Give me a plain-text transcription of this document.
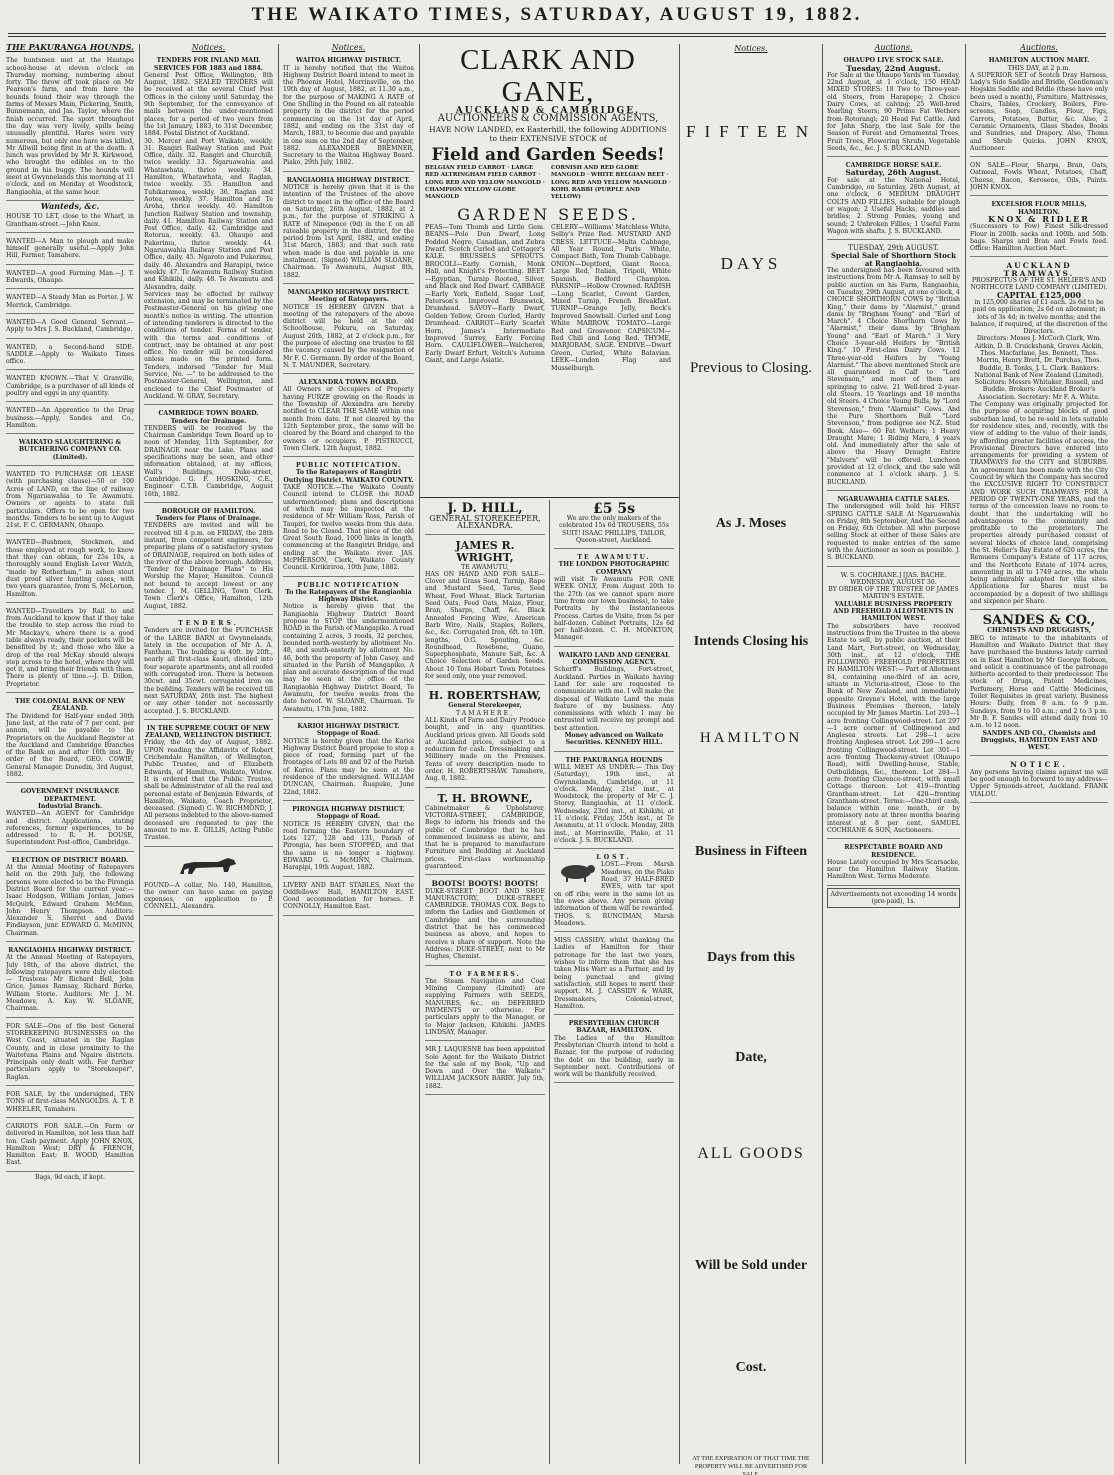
THE WAIKATO TIMES, SATURDAY, AUGUST 19, 1882.
THE PAKURANGA HOUNDS.

The huntsmen met at the Hautapu school-house at eleven o'clock on Thursday morning, numbering about forty. The throw off took place on Mr Pearson's farm, and from here the hounds found their way through the farms of Messrs Main, Pickering, Smith, Bunnemann, and Jas. Taylor, where the finish occurred. The sport throughout the day was very lively, spills being unusually plentiful. Hares were very numerous, but only one hare was killed, Mr Allwill being first in at the death. A lunch was provided by Mr R. Kirkwood, who brought the edibles on to the ground in his buggy. The hounds will meet at Gwynnelands this morning at 11 o'clock, and on Monday at Woodstock, Rangiaohia, at the same hour.

Wanteds, &c.

HOUSE TO LET, close to the Wharf, in Grantham-street.—John Knox.

WANTED—A Man to plough and make himself generally useful.—Apply John Hill, Farmer, Tamahere.

WANTED—A good Farming Man.—J. T. Edwards, Ohaupo.

WANTED—A Steady Man as Porter. J. W. Merrick, Cambridge.

WANTED—A Good General Servant.—Apply to Mrs J. S. Buckland, Cambridge.

WANTED, a Second-hand SIDE-SADDLE.—Apply to Waikato Times office.

WANTED KNOWN.—That V. Granville, Cambridge, is a purchaser of all kinds of poultry and eggs in any quantity.

WANTED—An Apprentice to the Drug business.—Apply, Sandes and Co., Hamilton.

WAIKATO SLAUGHTERING & BUTCHERING COMPANY CO. (Limited).

WANTED TO PURCHASE OR LEASE (with purchasing clause)—50 or 100 Acres of LAND, on the line of railway from Ngaruawahia to Te Awamutu. Owners or agents to state full particulars. Offers to be open for two months. Tenders to be sent up to August 21st. F. C. GERMANN, Ohaupo.

WANTED—Bushmen, Stockmen, and those employed at rough work, to know that they can obtain, for 25s 10s, a thoroughly sound English Lever Watch, "made by Rotherham," in ashen stout dust proof silver hunting cases, with two years guarantee, from S. McLernon, Hamilton.

WANTED—Travellers by Rail to and from Auckland to know that if they take the trouble to step across the road to Mr Mackay's, where there is a good table always ready, their pockets will be benefited by it; and those who like a drop of the real McKay should always step across to the hotel, where they will get it, and bring their friends with them. There is plenty of time.—J. D. Dillon, Proprietor.

THE COLONIAL BANK OF NEW ZEALAND.

The Dividend for Half-year ended 30th June last, at the rate of 7 per cent. per annum, will be payable to the Proprietors on the Auckland Register at the Auckland and Cambridge Branches of the Bank on and after 16th inst. By order of the Board, GEO. COWIE, General Manager. Dunedin, 3rd August, 1882.

GOVERNMENT INSURANCE DEPARTMENT.

Industrial Branch.

WANTED—An AGENT for Cambridge and district. Applications, stating references, former experiences, to be addressed to R. H. DOUSE, Superintendent Post-office, Cambridge.

ELECTION OF DISTRICT BOARD.

At the Annual Meeting of Ratepayers held on the 29th July, the following persons were elected to be the Pirongia District Board for the current year:— Isaac Hodgson, William Jordan, James McQuirk, Edward Graham McMinn, John Henry Thompson. Auditors: Alexander S. Sherret and David Findlayson, junr. EDWARD G. McMINN, Chairman.

RANGIAOHIA HIGHWAY DISTRICT.

At the Annual Meeting of Ratepayers, July 18th, of the above district, the following ratepayers were duly elected:— Trustees: Mr Richard Bell, John Grice, James Ramsay, Richard Burke, William Storie. Auditors: Mr J. M. Meadows, A. Kay. W. SLOANE, Chairman.

FOR SALE—One of the best General STOREKEEPING BUSINESSES on the West Coast, situated in the Raglan County, and in close proximity to the Waitetuna Plains and Ngaire districts. Principals only dealt with. For further particulars apply to "Storekeeper", Raglan.

FOR SALE, by the undersigned, TEN TONS of first-class MANGOLDS. A. T. P. WHEELER, Tamahere.

CARROTS FOR SALE.—On Farm or delivered in Hamilton, not less than half ton. Cash payment. Apply JOHN KNOX, Hamilton West; DRY & FRENCH, Hamilton East; B. WOOD, Hamilton East.

Bags, 9d each, if kept.
Notices.

TENDERS FOR INLAND MAIL SERVICES FOR 1883 and 1884.

General Post Office, Wellington, 8th August, 1882. SEALED TENDERS will be received at the several Chief Post Offices in the colony until Saturday, the 9th September, for the conveyance of mails between the under-mentioned places, for a period of two years from the 1st January, 1883, to 31st December, 1884. Postal District of Auckland.

30. Mercer and Port Waikato, weekly. 31. Rangiri Railway Station and Post Office, daily. 32. Rangiri and Churchill, twice weekly. 33. Ngaruawahia and Whatawhata, thrice weekly. 34. Hamilton, Whatawhata, and Raglan, twice weekly. 35. Hamilton and Tuhikaramea, weekly. 36. Raglan and Aotea, weekly. 37. Hamilton and Te Aroha, thrice weekly. 40. Hamilton Junction Railway Station and township, daily. 41. Hamilton Railway Station and Post Office, daily. 42. Cambridge and Rotorua, weekly. 43. Ohaupo and Pukerimu, thrice weekly. 44. Ngaruawahia Railway Station and Post Office, daily. 45. Ngaroto and Pukerimu, daily. 46. Alexandra and Harapipi, twice weekly. 47. Te Awamutu Railway Station and Kihikihi, daily. 48. Te Awamutu and Alexandra, daily.

Services may be effected by railway extension, and may be terminated by the Postmaster-General on his giving one month's notice in writing. The attention of intending tenderers is directed to the conditions of tender. Forms of tender, with the terms and conditions of contract, may be obtained at any post office. No tender will be considered unless made on the printed form. Tenders, indorsed "Tender for Mail Service, No. —" to be addressed to the Postmaster-General, Wellington, and enclosed to the Chief Postmaster of Auckland. W. GRAY, Secretary.

CAMBRIDGE TOWN BOARD.

Tenders for Drainage.

TENDERS will be received by the Chairman Cambridge Town Board up to noon of Monday, 11th September, for DRAINAGE near the Lake. Plans and specifications may be seen, and other information obtained, at my offices, Wall's Buildings, Duke-street, Cambridge. G. F. HOSKING, C.E., Engineer C.T.B. Cambridge, August 16th, 1882.

BOROUGH OF HAMILTON.

Tenders for Plans of Drainage.

TENDERS are invited and will be received till 4 p.m. on FRIDAY, the 28th instant, from competent engineers, for preparing plans of a satisfactory system of DRAINAGE, required on both sides of the river of the above borough. Address, "Tender for Drainage Plans" to His Worship the Mayor, Hamilton. Council not bound to accept lowest or any tender. J. M. GELLING, Town Clerk. Town Clerk's Office, Hamilton, 12th August, 1882.

TENDERS.

Tenders are invited for the PURCHASE of the LARGE BARN at Gwynnelands, lately in the occupation of Mr A. A. Fantham. The building is 40ft. by 20ft., nearly all first-class kauri, divided into four separate apartments, and all roofed with corrugated iron. There is between 30cwt. and 35cwt. corrugated iron on the building. Tenders will be received till next SATURDAY, 26th inst. The highest or any other tender not necessarily accepted. J. S. BUCKLAND.

IN THE SUPREME COURT OF NEW ZEALAND, WELLINGTON DISTRICT.

Friday, the 4th day of August, 1882. UPON reading the Affidavits of Robert Crichendale Hamilton, of Wellington, Public Trustee, and of Elizabeth Edwards, of Hamilton, Waikato, Widow. It is ordered that the Public Trustee, shall be Administrator of all the real and personal estate of Benjamin Edwards, of Hamilton, Waikato, Coach Proprietor, deceased. (Signed) C. W. RICHMOND, J. All persons indebted to the above-named deceased are requested to pay the amount to me. E. GILLIS, Acting Public Trustee.

FOUND—A collar, No. 140, Hamilton, the owner can have same on paying expenses, on application to P. CONNELL, Alexandra.

Notices.

WAITOA HIGHWAY DISTRICT.

IT is hereby notified that the Waitoa Highway District Board intend to meet in the Phoenix Hotel, Morrinsville, on the 19th day of August, 1882, at 11.30 a.m., for the purpose of MAKING A RATE of One Shilling in the Pound on all rateable property in the district for the period commencing on the 1st day of April, 1882, and ending on the 31st day of March, 1883, to become due and payable in one sum on the 2nd day of September, 1882. ALEXANDER BREMNER, Secretary to the Waitoa Highway Board. Piako, 29th July, 1882.

RANGIAOHIA HIGHWAY DISTRICT.

NOTICE is hereby given that it is the intention of the Trustees of the above district to meet in the office of the Board on Saturday, 26th August, 1882, at 2 p.m., for the purpose of STRIKING A RATE of Ninepence (9d) in the £ on all rateable property in the district, for the period from 1st April, 1882, and ending 31st March, 1883; and that such rate when made is due and payable in one instalment. (Signed) WILLIAM SLOANE, Chairman. To Awamutu, August 8th, 1882.

MANGAPIKO HIGHWAY DISTRICT.

Meeting of Ratepayers.

NOTICE IS HEREBY GIVEN that a meeting of the ratepayers of the above district will be held at the old Schoolhouse, Pokuru, on Saturday, August 26th, 1882, at 2 o'clock p.m., for the purpose of electing one trustee to fill the vacancy caused by the resignation of Mr F. C. Germann. By order of the Board, N. T. MAUNDER, Secretary.

ALEXANDRA TOWN BOARD.

All Owners or Occupiers of Property having FURZE growing on the Roads in the Township of Alexandra are hereby notified to CLEAR THE SAME within one month from date. If not cleared by the 12th September prox., the same will be cleared by the Board and charged to the owners or occupiers. P. PISTRUCCI, Town Clerk. 12th August, 1882.

PUBLIC NOTIFICATION.

To the Ratepayers of Rangiriri Outlying District. WAIKATO COUNTY.

TAKE NOTICE.—The Waikato County Council intend to CLOSE the ROAD undermentioned; plans and descriptions of which may be inspected at the residence of Mr William Ross, Parish of Taupiri, for twelve weeks from this date. Road to be Closed. That piece of the old Great South Road, 1000 links in length, commencing at the Rangiriri Bridge, and ending at the Waikato river. JAS. McPHERSON, Clerk, Waikato County Council. Kirikiriroa, 10th June, 1882.

PUBLIC NOTIFICATION

To the Ratepayers of the Rangiaohia Highway District.

Notice is hereby given that the Rangiaohia Highway District Board propose to STOP the undermentioned ROAD in the Parish of Mangapiko. A road containing 2 acres, 3 roods, 32 perches, bounded north-westerly by allotment No. 48, and south-easterly by allotment No. 46, both the property of John Casey, and situated in the Parish of Mangapiko. A plan and accurate description of the road may be seen at the office of the Rangiaohia Highway District Board, Te Awamutu, for twelve weeks from the date hereof. W. SLOANE, Chairman. Te Awamutu, 17th June, 1882.

KARIOI HIGHWAY DISTRICT.

Stoppage of Road.

NOTICE is hereby given that the Karioi Highway District Board propose to stop a piece of road, forming part of the frontages of Lots 88 and 92 of the Parish of Karioi. Plans may be seen at the residence of the undersigned. WILLIAM DUNCAN, Chairman. Ruapuke, June 22nd, 1882.

PIRONGIA HIGHWAY DISTRICT.

Stoppage of Road.

NOTICE IS HEREBY GIVEN, that the road forming the Eastern boundary of Lots 127, 128 and 131, Parish of Pirongia, has been STOPPED, and that the same is no longer a highway. EDWARD G. McMINN, Chairman. Harapipi, 19th August, 1882.

LIVERY AND BAIT STABLES, Next the Oddfellows' Hall, HAMILTON EAST. Good accommodation for horses. P. CONNOLLY, Hamilton East.

CLARK AND GANE,
AUCKLAND & CAMBRIDGE,
AUCTIONEERS & COMMISSION AGENTS,
HAVE NOW LANDED, ex Easterhill, the following ADDITIONS to their EXTENSIVE STOCK of
Field and Garden Seeds!
BELGIAN FIELD CARROT · LARGE RED ALTRINGHAM FIELD CARROT · LONG RED AND YELLOW MANGOLD · CHAMPION YELLOW GLOBE MANGOLD
CORNISH AND RED GLOBE MANGOLD · WHITE BELGIAN BEET · LONG RED AND YELLOW MANGOLD · KOHL RABBI (PURPLE AND YELLOW)
GARDEN SEEDS.
PEAS—Tom Thumb and Little Gem. BEANS—Pole Dun Dwarf, Long Podded Negro, Canadian, and Zebra Dwarf. Scotch Curled and Cottager's KALE. BRUSSELS SPROUTS. BROCOLI—Early Cornish, Monk Hall, and Knight's Protecting. BEET—Egyptian, Turnip Rooted, Silver, and Black and Red Dwarf. CABBAGE—Early York, Enfield, Sugar Loaf, Paterson's Improved Brunswick, Drumhead. SAVOY—Early Dwarf, Golden Yellow, Green Curled, Hardy Drumhead. CARROT—Early Scarlet Horn, James's Intermediate Improved Surrey, Early Forcing Horn. CAULIFLOWER—Walcheren, Early Dwarf Erfurt, Veitch's Autumn Giant, and Large Asiatic.
CELERY—Williams' Matchless White, Selby's Prize Red. MUSTARD AND CRESS. LETTUCE—Malta Cabbage, All Year Round, Paris White, Compact Bath, Tom Thumb Cabbage. ONION—Deptford, Giant Rocca, Large Red, Italian, Tripoli, White Spanish, Bedford Champion. PARSNIP—Hollow Crowned. RADISH—Long Scarlet, Covent Garden, Mixed Turnip, French Breakfast. TURNIP—Orange Jelly, Beck's Improved Snowball. Curled and Long White MARROW. TOMATO—Large Red and Grosvenor. CAPSICUM—Red Chili and Long Red. THYME, MARJORAM, SAGE. ENDIVE—Dwarf Green, Curled, White Batavian. LEEK—London Flag and Musselburgh.

J. D. HILL,

GENERAL STOREKEEPER,

ALEXANDRA.

JAMES R. WRIGHT,

TE AWAMUTU,

HAS ON HAND AND FOR SALE— Clover and Grass Seed, Turnip, Rape and Mustard Seed, Tares, Seed Wheat, Fowl Wheat, Black Tartarian Seed Oats, Feed Oats, Maize, Flour, Bran, Sharps, Chaff, &c. Black Annealed Fencing Wire, American Barb Wire, Nails, Staples, Rollers, &c., &c. Corrugated Iron, 6ft. to 10ft. lengths, O.G. Spouting, &c. Roundhead, Rosebone, Guano, Superphosphate, Manure Salt, &c. A Choice Selection of Garden Seeds. About 10 Tons Hobart Town Potatoes for seed only, one year removed.

H. ROBERTSHAW,

General Storekeeper,

TAMAHERE,

ALL Kinds of Farm and Dairy Produce bought, and in any quantities. Auckland prices given. All Goods sold at Auckland prices, subject to a reduction for cash. Dressmaking and Millinery made on the Premises. Tents of every description made to order. H. ROBERTSHAW. Tamahere, Aug. 8, 1882.

T. H. BROWNE,

Cabinetmaker & Upholsterer, VICTORIA-STREET, CAMBRIDGE, Begs to inform his friends and the public of Cambridge that he has commenced business as above, and that he is prepared to manufacture Furniture and Bedding at Auckland prices. First-class workmanship guaranteed.

BOOTS! BOOTS! BOOTS!

DUKE-STREET BOOT AND SHOE MANUFACTORY, DUKE-STREET, CAMBRIDGE. THOMAS COX. Begs to inform the Ladies and Gentlemen of Cambridge and the surrounding district that he has commenced business as above, and hopes to receive a share of support. Note the Address: DUKE-STREET, next to Mr Hughes, Chemist.

TO FARMERS.

The Steam Navigation and Coal Mining Company (Limited) are supplying Farmers with SEEDS, MANURES, &c., on DEFERRED PAYMENTS or otherwise. For particulars apply to the Manager, or to Major Jackson, Kihikihi. JAMES LINDSAY, Manager.

MR J. LAQUESNE has been appointed Sole Agent for the Waikato District for the sale of my Book, "Up and Down and Over the Waikato." WILLIAM JACKSON BARRY. July 5th, 1882.

£5 5s

We are the only makers of the celebrated 15s 6d TROUSERS, 55s SUIT! ISAAC PHILLIPS, TAILOR, Queen-street, Auckland.

TE AWAMUTU.

THE LONDON PHOTOGRAPHIC COMPANY

will visit Te Awamutu FOR ONE WEEK ONLY, From August 20th to the 27th (as we cannot spare more time from our town business), to take Portraits by the Instantaneous Process. Cartes de Visite, from 5s per half-dozen. Cabinet Portraits, 12s 6d per half-dozen. C. H. MONKTON, Manager.

WAIKATO LAND AND GENERAL COMMISSION AGENCY.

Scherff's Buildings, Fort-street, Auckland. Parties in Waikato having Land for sale are requested to communicate with me. I will make the disposal of Waikato Land the main feature of my business. Any commissions with which I may be entrusted will receive my prompt and best attention.

Money advanced on Waikato Securities. KENNEDY HILL.

THE PAKURANGA HOUNDS

WILL MEET AS UNDER:— This Day (Saturday), 19th inst., at Gwynnelands, Cambridge, at 11 o'clock. Monday, 21st inst., at Woodstock, the property of Mr C. J. Storey, Rangiaohia, at 11 o'clock. Wednesday, 23rd inst., at Kihikihi, at 11 o'clock. Friday, 25th inst., at Te Awamutu, at 11 o'clock. Monday, 28th inst., at Morrinsville, Piako, at 11 o'clock. J. S. BUCKLAND.

LOST.

LOST.—From Marsh Meadows, on the Piako Road, 37 HALF-BRED EWES, with tar spot on off ribs; were in the same lot as the ewes above. Any person giving information of them will be rewarded. THOS. S. RUNCIMAN, Marsh Meadows.

MISS CASSIDY, whilst thanking the Ladies of Hamilton for their patronage for the last two years, wishes to inform them that she has taken Miss Warr as a Partner, and by being punctual and giving satisfaction, still hopes to merit their support. M. J. CASSIDY & WARR, Dressmakers, Colonial-street, Hamilton.

PRESBYTERIAN CHURCH BAZAAR, HAMILTON.

The Ladies of the Hamilton Presbyterian Church intend to hold a Bazaar, for the purpose of reducing the debt on the building, early in September next. Contributions of work will be thankfully received.

Notices.
FIFTEEN
DAYS
Previous to Closing.
As J. Moses
Intends Closing his
HAMILTON
Business in Fifteen
Days from this
Date,
ALL GOODS
Will be Sold under
Cost.
AT THE EXPIRATION OF THAT TIME THE PROPERTY WILL BE ADVERTISED FOR SALE.
Auctions.

OHAUPO LIVE STOCK SALE.

Tuesday, 22nd August.

For Sale at the Ohaupo Yards on Tuesday, 22nd August, at 1 o'clock, 150 HEAD MIXED STORES: 18 Two to Three-year-old Steers, from Harapepe; 2 Choice Dairy Cows, at calving; 25 Well-bred Yearling Steers; 90 Prime Fat Wethers from Rotorangi; 20 Head Fat Cattle. And for John Sharp, the last Sale for the Season of Forest and Ornamental Trees, Fruit Trees, Flowering Shrubs, Vegetable Seeds, &c., &c. J. S. BUCKLAND.

CAMBRIDGE HORSE SALE.

Saturday, 26th August.

For sale at the National Hotel, Cambridge, on Saturday, 26th August, at one o'clock, 6 MEDIUM DRAUGHT COLTS AND FILLIES, suitable for plough or wagon; 2 Useful Hacks, saddles and bridles; 2 Strong Ponies, young and sound; 2 Unbroken Fillies; 1 Useful Farm Wagon with shafts. J. S. BUCKLAND.

TUESDAY, 29th AUGUST.

Special Sale of Shorthorn Stock at Rangiaohia.

The undersigned has been favoured with instructions from Mr A. Ramsay to sell by public auction on his Farm, Rangiaohia, on Tuesday, 29th August, at one o'clock, 4 CHOICE SHORTHORN COWS by "British King," their dams by "Alarmist," grand dams by "Brigham Young" and "Earl of March". 4 Choice Shorthorn Cows by "Alarmist," their dams by "Brigham Young" and "Earl of March." 3 Very Choice 3-year-old Heifers by "British King." 10 First-class Dairy Cows. 12 Three-year-old Heifers by "Young Alarmist." The above mentioned Stock are all guaranteed in Calf to "Lord Stevenson," and most of them are springing to calve. 21 Well-bred 2-year-old Steers. 15 Yearlings and 18 months old Steers. 4 Choice Young Bulls, by "Lord Stevenson," from "Alarmist" Cows. And the Pure Shorthorn Bull "Lord Stevenson," from pedigree see N.Z. Stud Book. Also— 60 Fat Wethers; 1 Heavy Draught Mare; 1 Riding Mare, 4 years old. And immediately after the sale of above the Heavy Draught Entire "Malvern" will be offered. Luncheon provided at 12 o'clock, and the sale will commence at 1 o'clock sharp. J. S. BUCKLAND.

NGARUAWAHIA CATTLE SALES.

The undersigned will hold his FIRST SPRING CATTLE SALE At Ngaruawahia on Friday, 8th September, And the Second on Friday, 6th October. All who purpose selling Stock at either of these Sales are requested to make entries of the same with the Auctioneer as soon as possible. J. S. BUCKLAND.

W. S. COCHRANE.] [JAS. BACHE.

WEDNESDAY, AUGUST 30.

BY ORDER OF THE TRUSTEE OF JAMES MARTIN'S ESTATE.

VALUABLE BUSINESS PROPERTY AND FREEHOLD ALLOTMENTS IN HAMILTON WEST.

The subscribers have received instructions from the Trustee in the above Estate to sell, by public auction, at their Land Mart, Fort-street, on Wednesday, 30th inst., at 12 o'clock, THE FOLLOWING FREEHOLD PROPERTIES IN HAMILTON WEST:— Part of Allotment 84, containing one-third of an acre, situate in Victoria-street, Close to the Bank of New Zealand, and immediately opposite Greyne's Hotel, with the large Business Premises thereon, lately occupied by Mr James Martin. Lot 293—1 acre fronting Collingwood-street. Lot 297—1 acre corner of Collingwood and Anglesea streets. Lot 298—1 acre fronting Anglesea street. Lot 299—1 acre fronting Collingwood-street. Lot 301—1 acre fronting Thackeray-street (Ohaupo Road), with Dwelling-house, Stable, Outbuildings, &c., thereon. Lot 284—1 acre fronting Clarence-street, with small Cottage thereon. Lot 419—fronting Grantham-street. Lot 420—fronting Grantham-street. Terms:—One-third cash, balance within one month, or by promissory note at three months bearing interest at 8 per cent. SAMUEL COCHRANE & SON, Auctioneers.

RESPECTABLE BOARD AND RESIDENCE.

House Lately occupied by Mrs Scarsacke, near the Hamilton Railway Station. Hamilton West. Terms Moderate.

Advertisements not exceeding 14 words (pre-paid), 1s.
Auctions.

HAMILTON AUCTION MART.

THIS DAY, at 2 p.m.

A SUPERIOR SET of Scotch Dray Harness, Lady's Side Saddle and Bridle, Gentleman's Hogskin Saddle and Bridle (these have only been used a month), Furniture, Mattresses, Chairs, Tables, Crockery, Boilers, Fire-screens, Soap, Candles, Flour, Figs, Carrots, Potatoes, Butter, &c. Also, 2 Ceramic Ornaments, Glass Shades, Books and Sundries, and Drapery. Also, Thoms and Shrub Quicks. JOHN KNOX, Auctioneer.

ON SALE—Flour, Sharps, Bran, Oats, Oatmeal, Fowls Wheat, Potatoes, Chaff, Cheese, Bacon, Kerosene, Oils, Paints. JOHN KNOX.

EXCELSIOR FLOUR MILLS, HAMILTON.

KNOX & RIDLER

(Successors to Fow) Finest Silk-dressed Flour in 200lb. sacks and 100lb. and 50lb. bags. Sharps and Bran and Fowls feed. Office: Hamilton Auction Mart.

AUCKLAND TRAMWAYS.

PROSPECTUS OF THE ST. HELIER'S AND NORTHCOTE LAND COMPANY (LIMITED).

CAPITAL £125,000

in 125,000 shares of £1 each. 2s 6d to be paid on application; 2s 6d on allotment; in lots of 3s 4d; in twelve months; and the balance, if required, at the discretion of the Directors.

Directors: Moses J. McCoch Clark, Wm. Aitkin, D. B. Cruickshank, Graves Aickin, Thos. Macfarlane, Jas. Bennett, Thos. Morrin, Henry Brett, Dr. Purchas, Thos. Buddle, B. Tonks, J. L. Clark. Bankers: National Bank of New Zealand (Limited). Solicitors: Messrs Whitaker, Russell, and Buddle. Brokers: Auckland Broker's Association. Secretary: Mr F. A. White.

The Company was originally projected for the purpose of acquiring blocks of good suburban land, to be re-sold in lots suitable for residence sites, and, recently, with the view of adding to the value of their lands, by affording greater facilities of access, the Provisional Directors have entered into arrangements for providing a system of TRAMWAYS for the CITY and SUBURBS. An agreement has been made with the City Council by which the Company has secured the EXCLUSIVE RIGHT TO CONSTRUCT AND WORK SUCH TRAMWAYS FOR A PERIOD OF TWENTY-ONE YEARS, and the terms of the concession leave no room to doubt that the undertaking will be advantageous to the community and profitable to the proprietors. The properties already purchased consist of several blocks of choice land, comprising the St. Helier's Bay Estate of 620 acres, the Remuera Company's Estate of 117 acres, and the Northcote Estate of 1074 acres, amounting in all to 1749 acres, the whole being admirably adapted for villa sites. Applications for Shares must be accompanied by a deposit of two shillings and sixpence per Share.

SANDES & CO.,

CHEMISTS AND DRUGGISTS,

BEG to intimate to the inhabitants of Hamilton and Waikato District that they have purchased the business lately carried on in East Hamilton by Mr George Robson, and solicit a continuance of the patronage hitherto accorded to their predecessor. The stock of Drugs, Patent Medicines, Perfumery, Horse and Cattle Medicines, Toilet Requisites in great variety. Business Hours: Daily, from 8 a.m. to 9 p.m. Sundays, from 9 to 10 a.m.; and 2 to 3 p.m. Mr B. F. Sandes will attend daily from 10 a.m. to 12 noon.

SANDES AND CO., Chemists and Druggists, HAMILTON EAST AND WEST.

NOTICE.

Any persons having claims against me will be good enough to forward to my address—Upper Symonds-street, Auckland. FRANK VIALOU.
